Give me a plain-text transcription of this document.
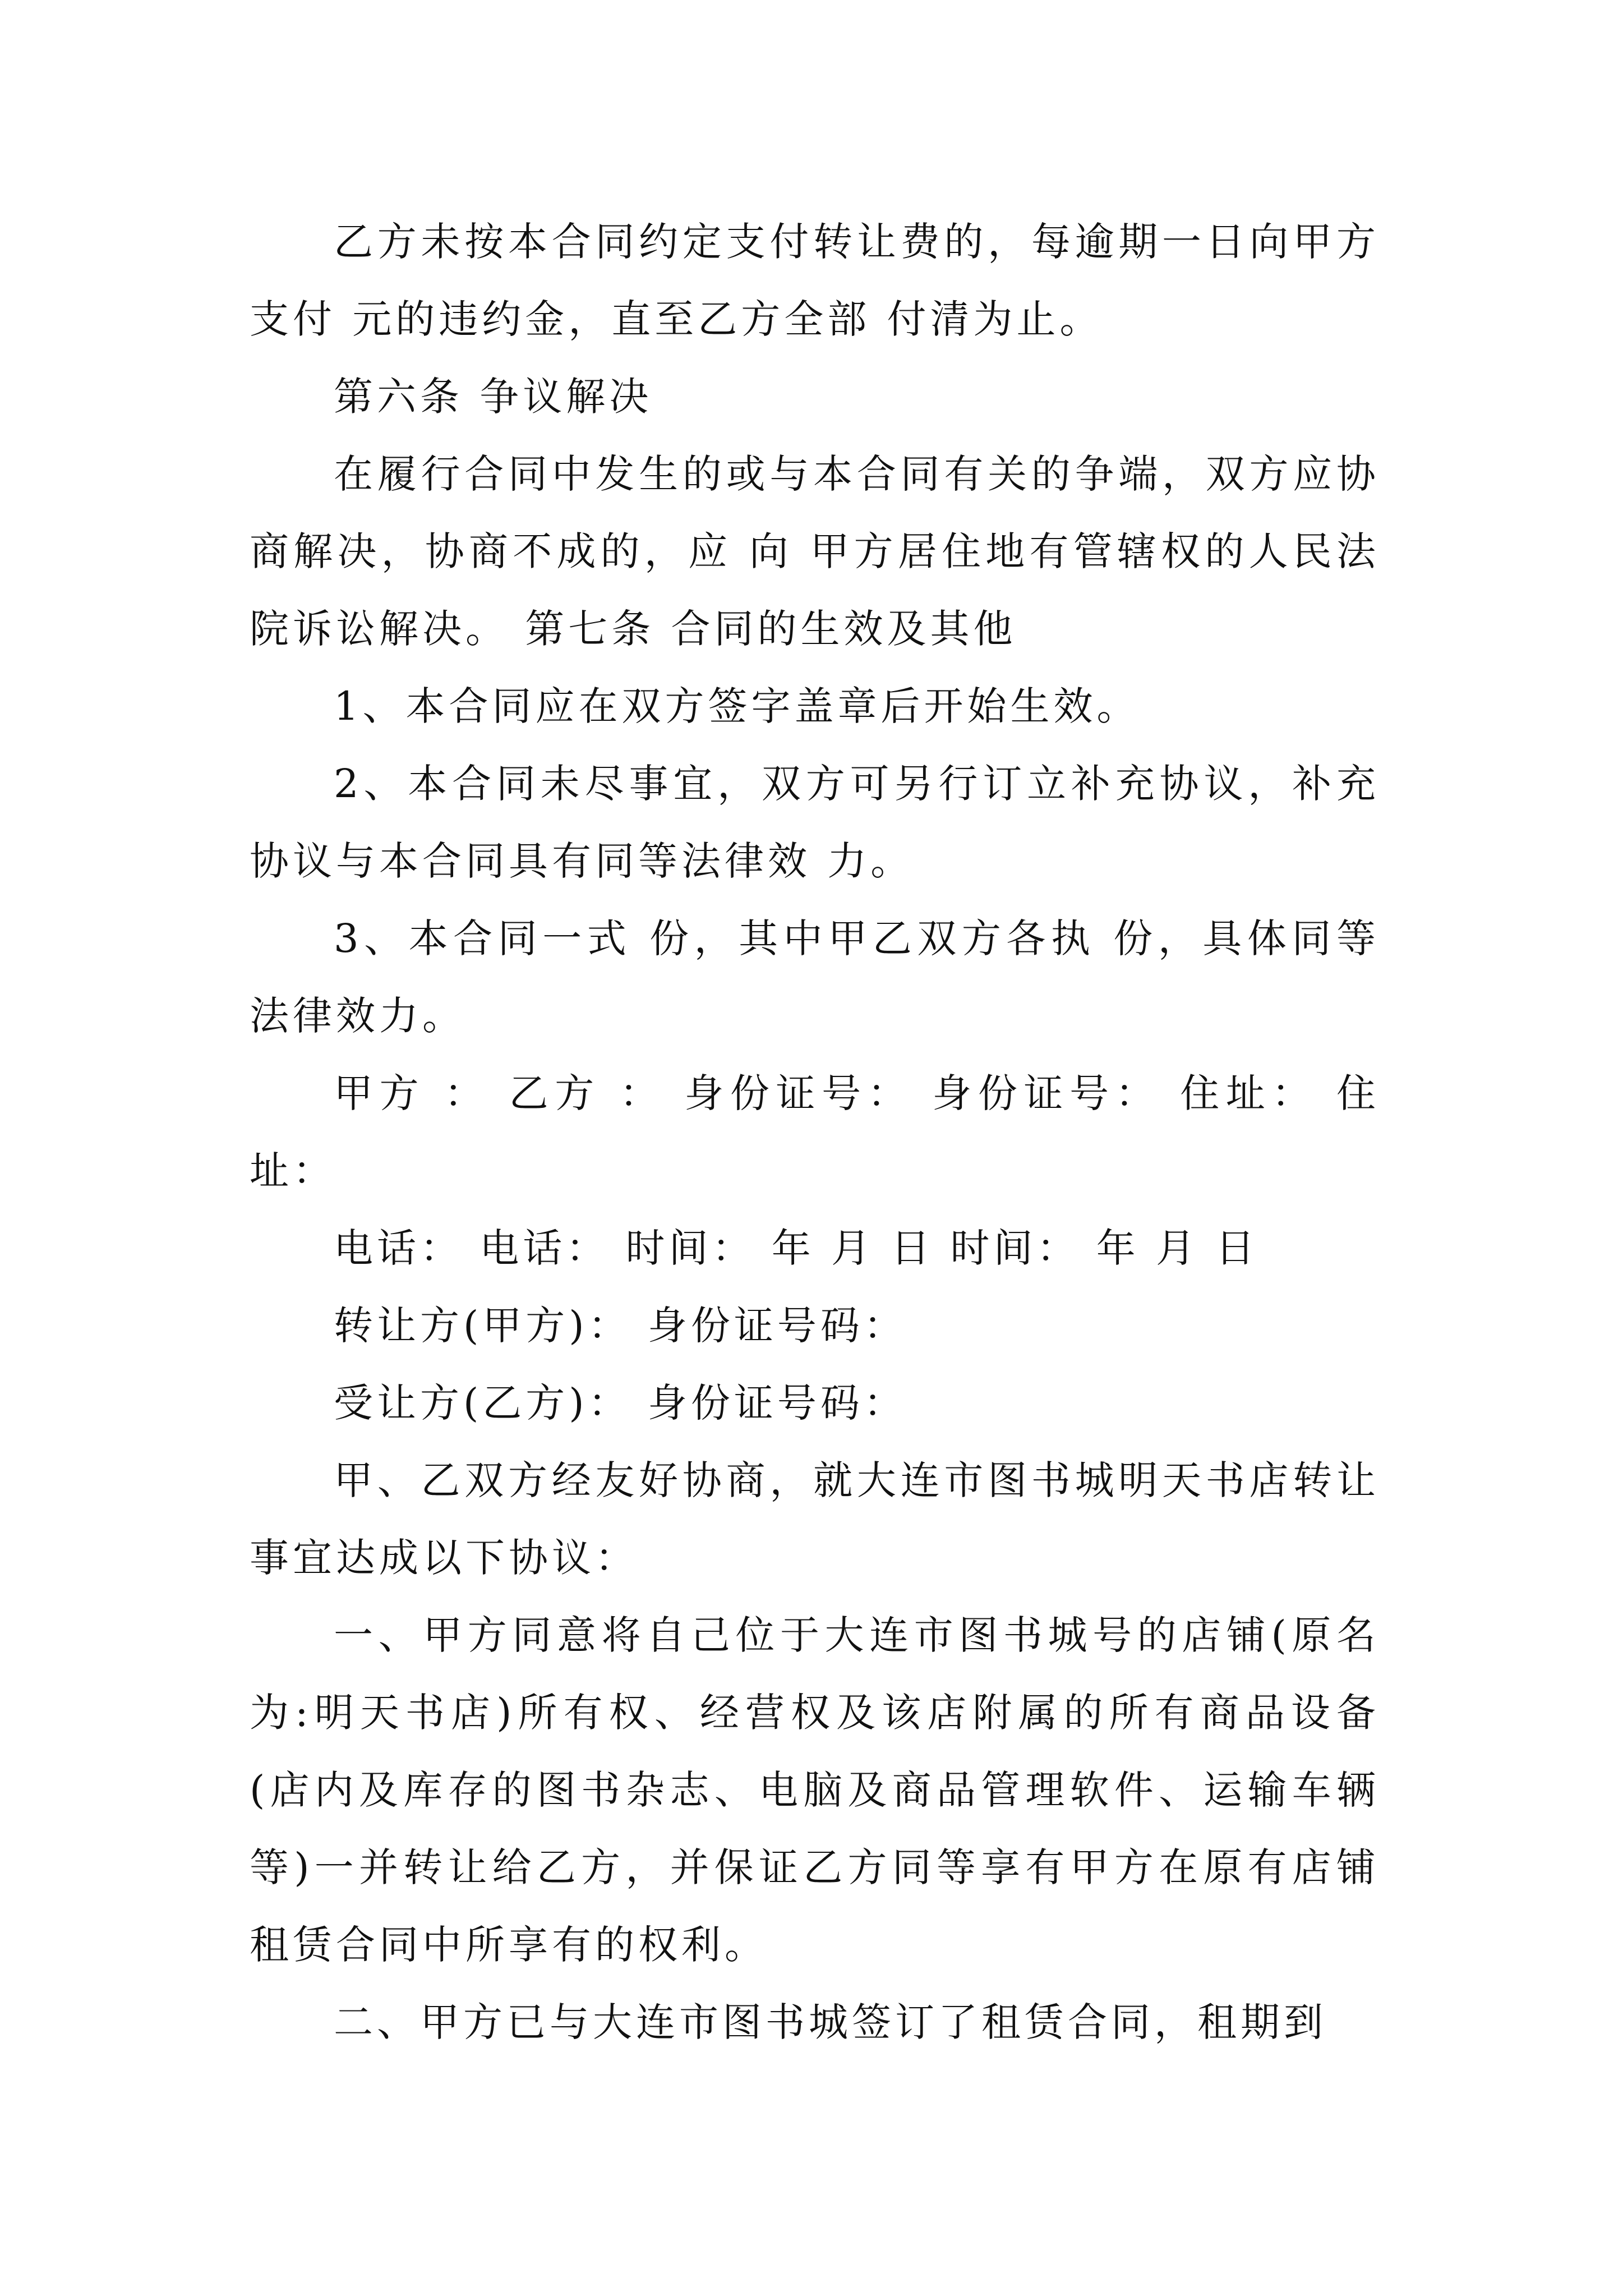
乙方未按本合同约定支付转让费的，每逾期一日向甲方支付 元的违约金，直至乙方全部 付清为止。

第六条 争议解决

在履行合同中发生的或与本合同有关的争端，双方应协商解决，协商不成的，应 向 甲方居住地有管辖权的人民法院诉讼解决。 第七条 合同的生效及其他

1、本合同应在双方签字盖章后开始生效。

2、本合同未尽事宜，双方可另行订立补充协议，补充协议与本合同具有同等法律效 力。

3、本合同一式 份，其中甲乙双方各执 份，具体同等法律效力。

甲方 ： 乙方 ： 身份证号： 身份证号： 住址： 住址：

电话： 电话： 时间： 年 月 日 时间： 年 月 日

转让方(甲方)： 身份证号码：

受让方(乙方)： 身份证号码：

甲、乙双方经友好协商，就大连市图书城明天书店转让事宜达成以下协议：

一、甲方同意将自己位于大连市图书城号的店铺(原名为:明天书店)所有权、经营权及该店附属的所有商品设备(店内及库存的图书杂志、电脑及商品管理软件、运输车辆等)一并转让给乙方，并保证乙方同等享有甲方在原有店铺租赁合同中所享有的权利。

二、甲方已与大连市图书城签订了租赁合同，租期到
